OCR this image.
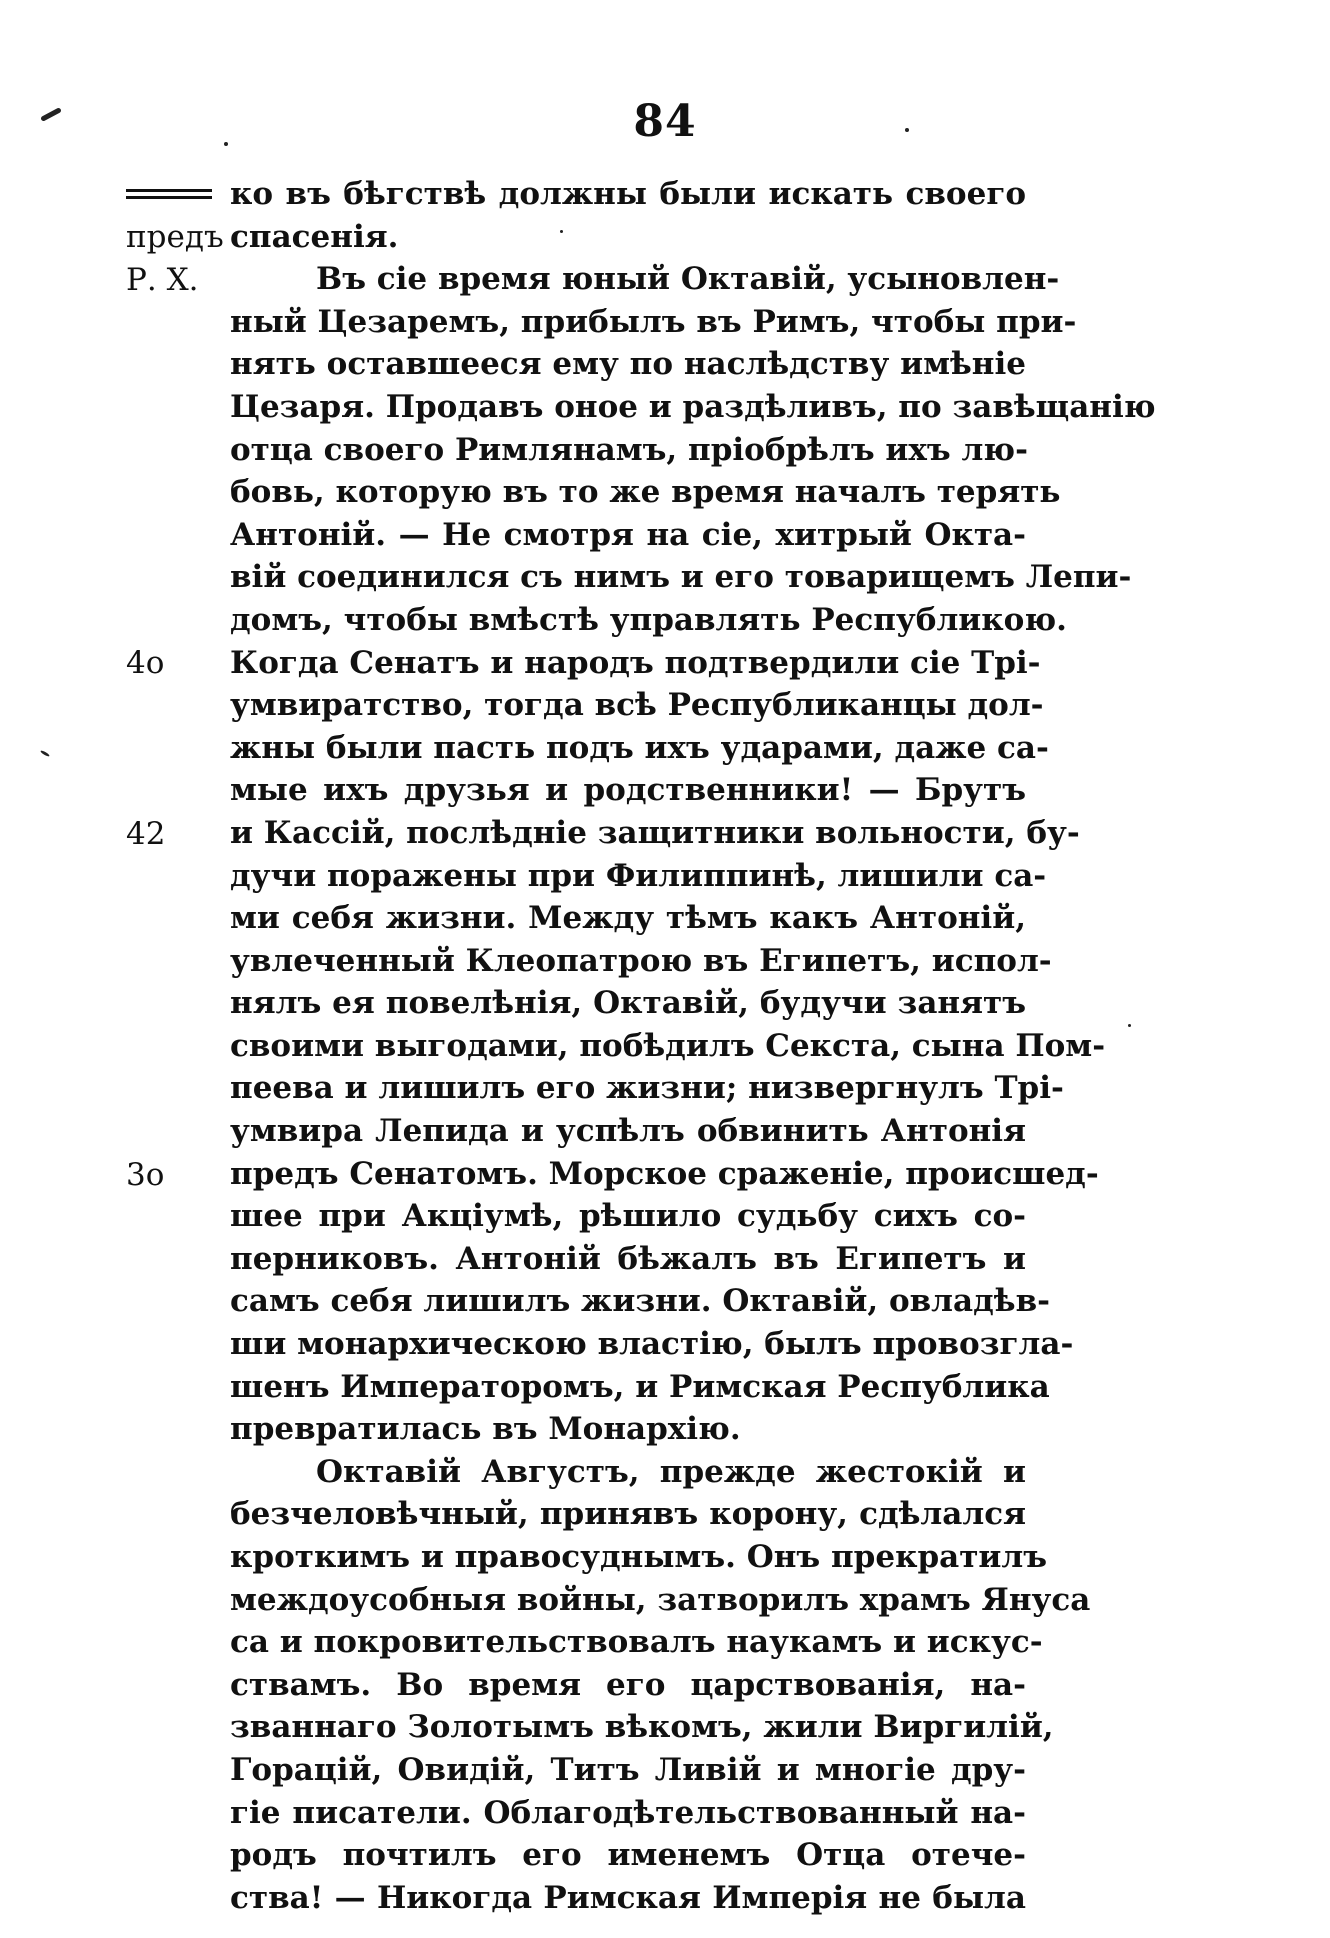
84
предъ
Р. Х.
4о
42
3о
ко въ бѣгствѣ должны были искать своего
спасенія.
Въ сіе время юный Октавій, усыновлен-
ный Цезаремъ, прибылъ въ Римъ, чтобы при-
нять оставшееся ему по наслѣдству имѣніе
Цезаря. Продавъ оное и раздѣливъ, по завѣщанію
отца своего Римлянамъ, пріобрѣлъ ихъ лю-
бовь, которую въ то же время началъ терять
Антоній. — Не смотря на сіе, хитрый Окта-
вій соединился съ нимъ и его товарищемъ Лепи-
домъ, чтобы вмѣстѣ управлять Республикою.
Когда Сенатъ и народъ подтвердили сіе Трі-
умвиратство, тогда всѣ Республиканцы дол-
жны были пасть подъ ихъ ударами, даже са-
мые ихъ друзья и родственники! — Брутъ
и Кассій, послѣдніе защитники вольности, бу-
дучи поражены при Филиппинѣ, лишили са-
ми себя жизни. Между тѣмъ какъ Антоній,
увлеченный Клеопатрою въ Египетъ, испол-
нялъ ея повелѣнія, Октавій, будучи занятъ
своими выгодами, побѣдилъ Секста, сына Пом-
пеева и лишилъ его жизни; низвергнулъ Трі-
умвира Лепида и успѣлъ обвинить Антонія
предъ Сенатомъ. Морское сраженіе, происшед-
шее при Акціумѣ, рѣшило судьбу сихъ со-
перниковъ. Антоній бѣжалъ въ Египетъ и
самъ себя лишилъ жизни. Октавій, овладѣв-
ши монархическою властію, былъ провозгла-
шенъ Императоромъ, и Римская Республика
превратилась въ Монархію.
Октавій Августъ, прежде жестокій и
безчеловѣчный, принявъ корону, сдѣлался
кроткимъ и правосуднымъ. Онъ прекратилъ
междоусобныя войны, затворилъ храмъ Януса
са и покровительствовалъ наукамъ и искус-
ствамъ. Во время его царствованія, на-
званнаго Золотымъ вѣкомъ, жили Виргилій,
Горацій, Овидій, Титъ Ливій и многіе дру-
гіе писатели. Облагодѣтельствованный на-
родъ почтилъ его именемъ Отца отече-
ства! — Никогда Римская Имперія не была
